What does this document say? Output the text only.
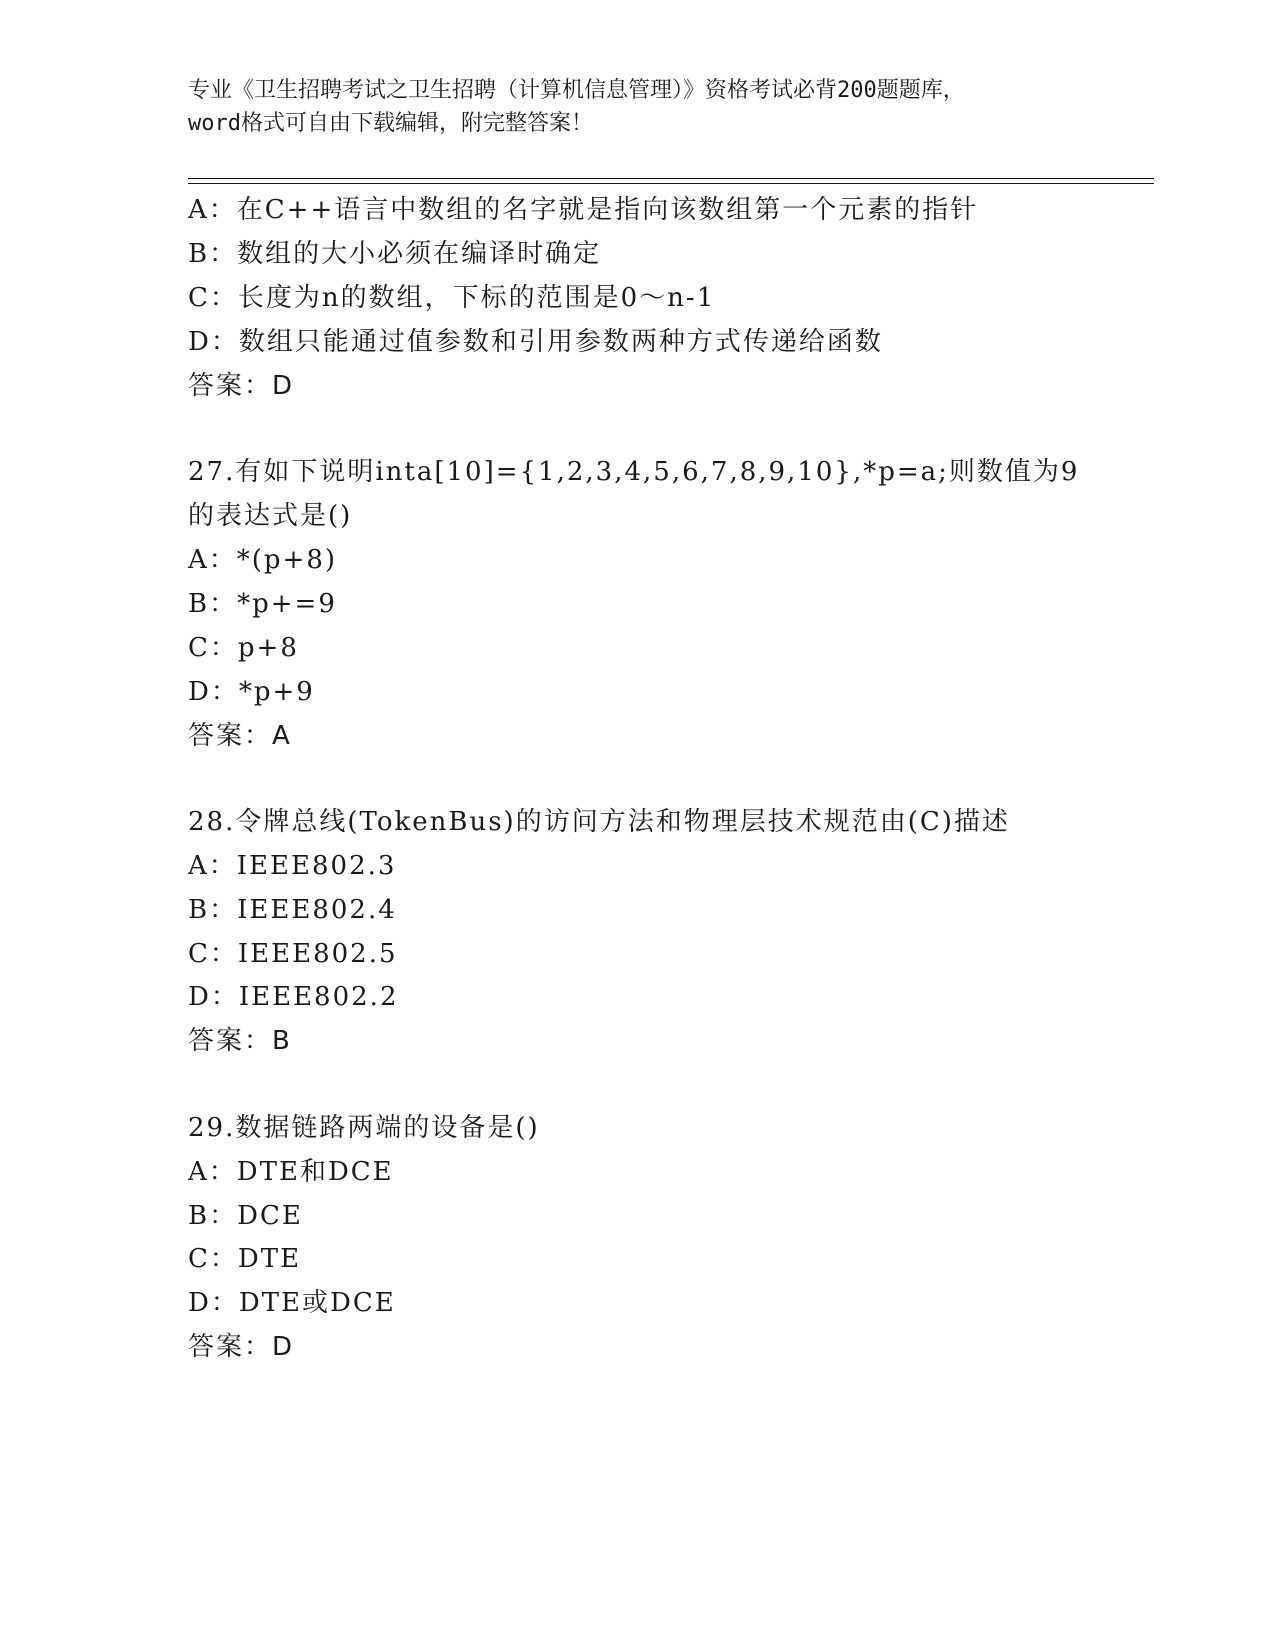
专业《卫生招聘考试之卫生招聘（计算机信息管理）》资格考试必背200题题库，
word格式可自由下载编辑，附完整答案！
A：在C++语言中数组的名字就是指向该数组第一个元素的指针
B：数组的大小必须在编译时确定
C：长度为n的数组，下标的范围是0～n-1
D：数组只能通过值参数和引用参数两种方式传递给函数
答案：D
27.有如下说明inta[10]={1,2,3,4,5,6,7,8,9,10},*p=a;则数值为9
的表达式是()
A：*(p+8)
B：*p+=9
C：p+8
D：*p+9
答案：A
28.令牌总线(TokenBus)的访问方法和物理层技术规范由(C)描述
A：IEEE802.3
B：IEEE802.4
C：IEEE802.5
D：IEEE802.2
答案：B
29.数据链路两端的设备是()
A：DTE和DCE
B：DCE
C：DTE
D：DTE或DCE
答案：D
